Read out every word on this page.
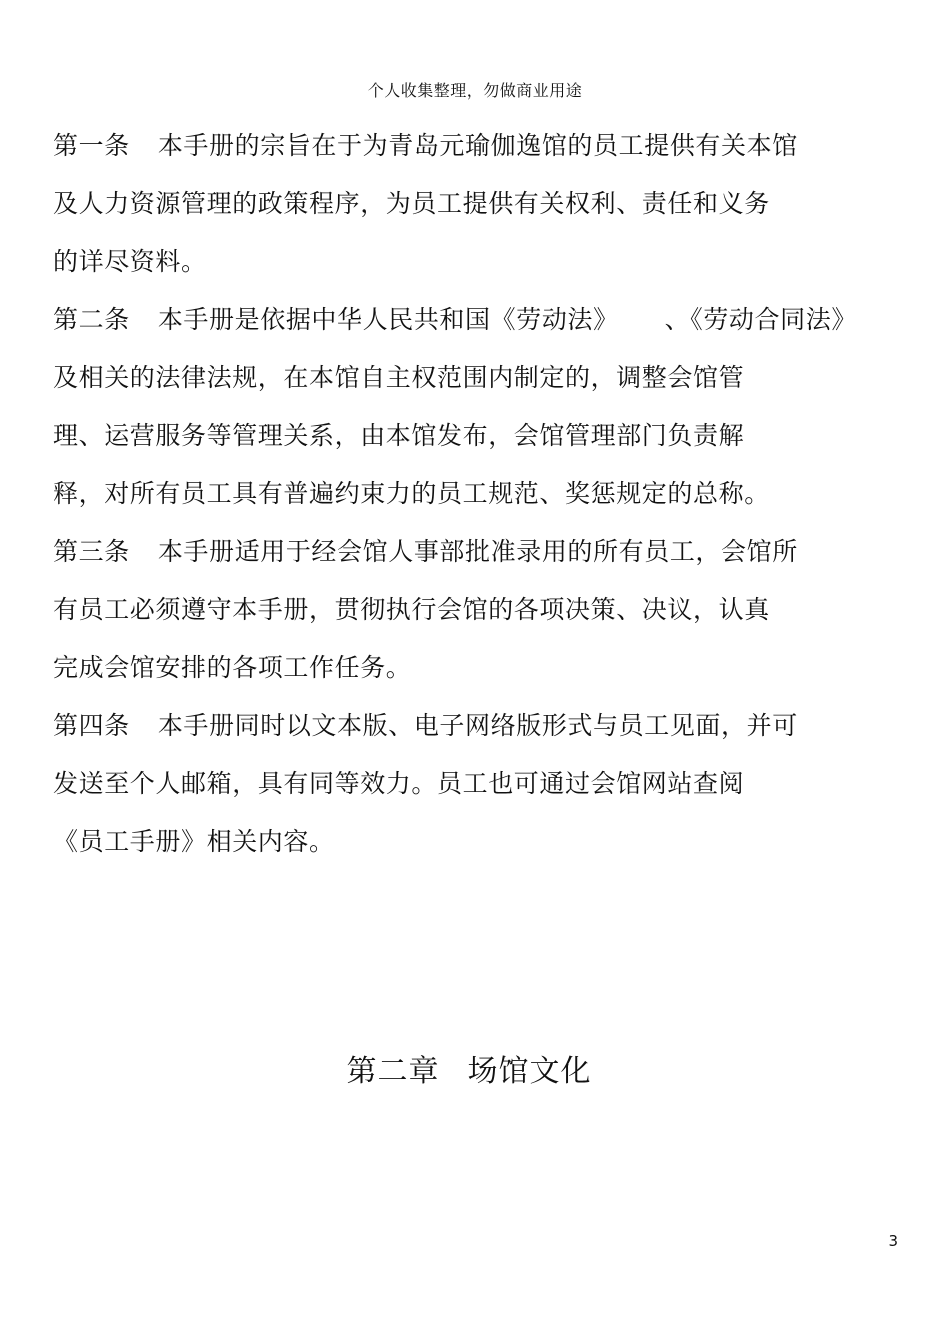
个人收集整理，勿做商业用途
第一条 本手册的宗旨在于为青岛元瑜伽逸馆的员工提供有关本馆
及人力资源管理的政策程序，为员工提供有关权利、责任和义务
的详尽资料。
第二条 本手册是依据中华人民共和国《劳动法》 、《劳动合同法》
及相关的法律法规，在本馆自主权范围内制定的，调整会馆管
理、运营服务等管理关系，由本馆发布，会馆管理部门负责解
释，对所有员工具有普遍约束力的员工规范、奖惩规定的总称。
第三条 本手册适用于经会馆人事部批准录用的所有员工，会馆所
有员工必须遵守本手册，贯彻执行会馆的各项决策、决议，认真
完成会馆安排的各项工作任务。
第四条 本手册同时以文本版、电子网络版形式与员工见面，并可
发送至个人邮箱，具有同等效力。员工也可通过会馆网站查阅
《员工手册》相关内容。
第二章 场馆文化
3
